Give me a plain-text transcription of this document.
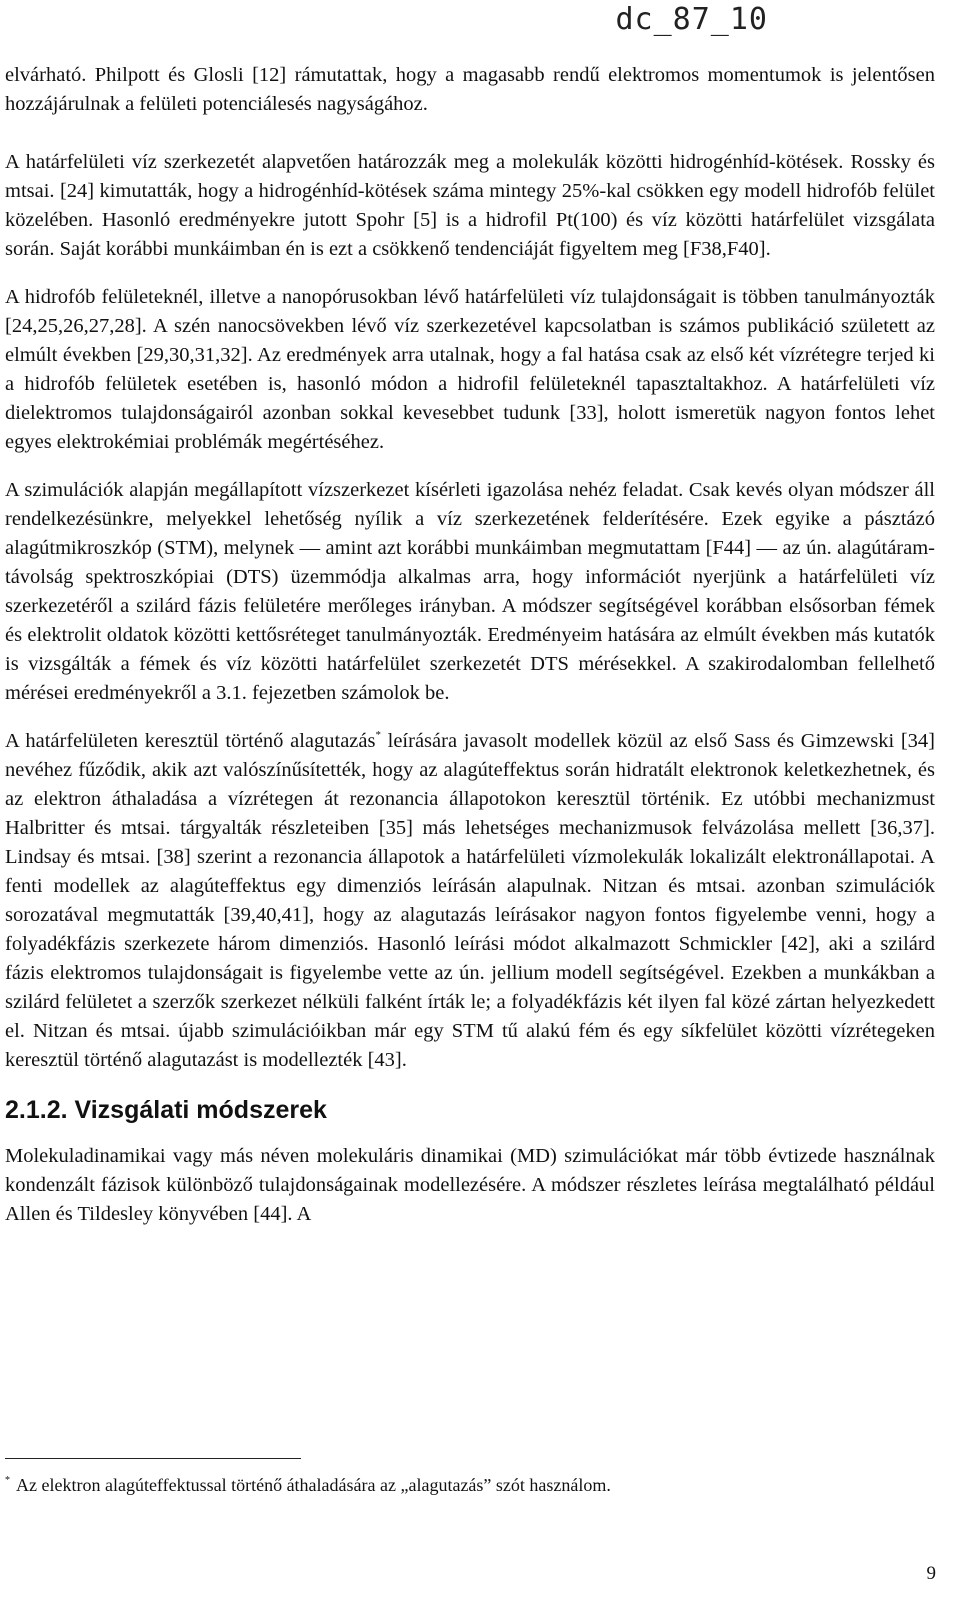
dc_87_10

elvárható. Philpott és Glosli [12] rámutattak, hogy a magasabb rendű elektromos momentumok is jelentősen hozzájárulnak a felületi potenciálesés nagyságához.

A határfelületi víz szerkezetét alapvetően határozzák meg a molekulák közötti hidrogénhíd-kötések. Rossky és mtsai. [24] kimutatták, hogy a hidrogénhíd-kötések száma mintegy 25%-kal csökken egy modell hidrofób felület közelében. Hasonló eredményekre jutott Spohr [5] is a hidrofil Pt(100) és víz közötti határfelület vizsgálata során. Saját korábbi munkáimban én is ezt a csökkenő tendenciáját figyeltem meg [F38,F40].

A hidrofób felületeknél, illetve a nanopórusokban lévő határfelületi víz tulajdonságait is többen tanulmányozták [24,25,26,27,28]. A szén nanocsövekben lévő víz szerkezetével kapcsolatban is számos publikáció született az elmúlt években [29,30,31,32]. Az eredmények arra utalnak, hogy a fal hatása csak az első két vízrétegre terjed ki a hidrofób felületek esetében is, hasonló módon a hidrofil felületeknél tapasztaltakhoz. A határfelületi víz dielektromos tulajdonságairól azonban sokkal kevesebbet tudunk [33], holott ismeretük nagyon fontos lehet egyes elektrokémiai problémák megértéséhez.

A szimulációk alapján megállapított vízszerkezet kísérleti igazolása nehéz feladat. Csak kevés olyan módszer áll rendelkezésünkre, melyekkel lehetőség nyílik a víz szerkezetének felderítésére. Ezek egyike a pásztázó alagútmikroszkóp (STM), melynek — amint azt korábbi munkáimban megmutattam [F44] — az ún. alagútáram-távolság spektroszkópiai (DTS) üzemmódja alkalmas arra, hogy információt nyerjünk a határfelületi víz szerkezetéről a szilárd fázis felületére merőleges irányban. A módszer segítségével korábban elsősorban fémek és elektrolit oldatok közötti kettősréteget tanulmányozták. Eredményeim hatására az elmúlt években más kutatók is vizsgálták a fémek és víz közötti határfelület szerkezetét DTS mérésekkel. A szakirodalomban fellelhető mérései eredményekről a 3.1. fejezetben számolok be.

A határfelületen keresztül történő alagutazás* leírására javasolt modellek közül az első Sass és Gimzewski [34] nevéhez fűződik, akik azt valószínűsítették, hogy az alagúteffektus során hidratált elektronok keletkezhetnek, és az elektron áthaladása a vízrétegen át rezonancia állapotokon keresztül történik. Ez utóbbi mechanizmust Halbritter és mtsai. tárgyalták részleteiben [35] más lehetséges mechanizmusok felvázolása mellett [36,37]. Lindsay és mtsai. [38] szerint a rezonancia állapotok a határfelületi vízmolekulák lokalizált elektronállapotai. A fenti modellek az alagúteffektus egy dimenziós leírásán alapulnak. Nitzan és mtsai. azonban szimulációk sorozatával megmutatták [39,40,41], hogy az alagutazás leírásakor nagyon fontos figyelembe venni, hogy a folyadékfázis szerkezete három dimenziós. Hasonló leírási módot alkalmazott Schmickler [42], aki a szilárd fázis elektromos tulajdonságait is figyelembe vette az ún. jellium modell segítségével. Ezekben a munkákban a szilárd felületet a szerzők szerkezet nélküli falként írták le; a folyadékfázis két ilyen fal közé zártan helyezkedett el. Nitzan és mtsai. újabb szimulációikban már egy STM tű alakú fém és egy síkfelület közötti vízrétegeken keresztül történő alagutazást is modellezték [43].

2.1.2. Vizsgálati módszerek

Molekuladinamikai vagy más néven molekuláris dinamikai (MD) szimulációkat már több évtizede használnak kondenzált fázisok különböző tulajdonságainak modellezésére. A módszer részletes leírása megtalálható például Allen és Tildesley könyvében [44]. A

* Az elektron alagúteffektussal történő áthaladására az „alagutazás” szót használom.
9
